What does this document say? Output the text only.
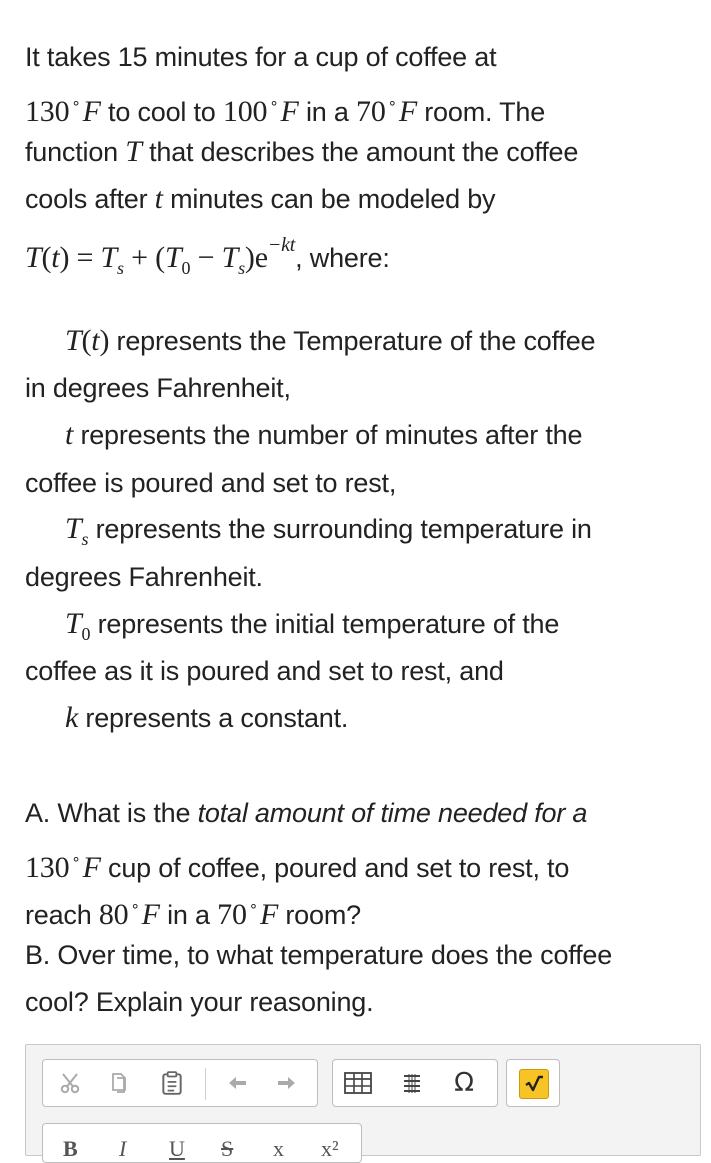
It takes 15 minutes for a cup of coffee at
130 ∘F to cool to 100 ∘F in a 70 ∘F room. The
function T that describes the amount the coffee
cools after t minutes can be modeled by
$T(t) = T_s + (T_0 - T_s)e^{-kt}$, where:
T(t) represents the Temperature of the coffee
in degrees Fahrenheit,
t represents the number of minutes after the
coffee is poured and set to rest,
$T_s$ represents the surrounding temperature in
degrees Fahrenheit.
$T_0$ represents the initial temperature of the
coffee as it is poured and set to rest, and
k represents a constant.
A. What is the total amount of time needed for a
130 ∘F cup of coffee, poured and set to rest, to
reach 80 ∘F in a 70 ∘F room?
B. Over time, to what temperature does the coffee
cool? Explain your reasoning.
Ω
B I U S x x²
